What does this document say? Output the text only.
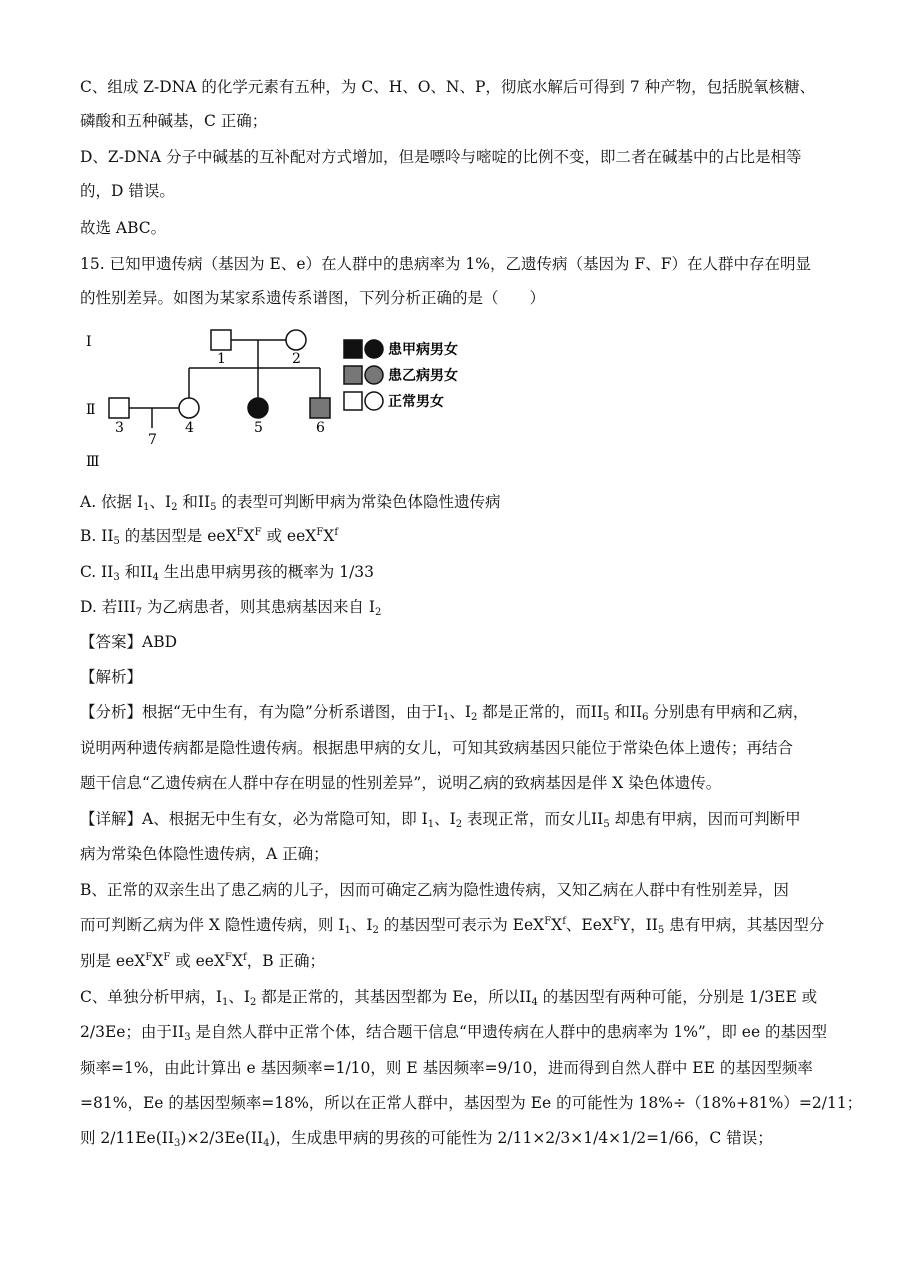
C、组成 Z-DNA 的化学元素有五种，为 C、H、O、N、P，彻底水解后可得到 7 种产物，包括脱氧核糖、
磷酸和五种碱基，C 正确；
D、Z-DNA 分子中碱基的互补配对方式增加，但是嘌呤与嘧啶的比例不变，即二者在碱基中的占比是相等
的，D 错误。
故选 ABC。
15. 已知甲遗传病（基因为 E、e）在人群中的患病率为 1%，乙遗传病（基因为 F、F）在人群中存在明显
的性别差异。如图为某家系遗传系谱图，下列分析正确的是（　　）
Ⅰ
Ⅱ
Ⅲ
1	2
3	4	5	6
7
患甲病男女
患乙病男女
正常男女
A. 依据 $I_1$、$I_2$ 和$II_5$ 的表型可判断甲病为常染色体隐性遗传病
B. $II_5$ 的基因型是 $eeX^FX^F$ 或 $eeX^FX^f$
C. $II_3$ 和$II_4$ 生出患甲病男孩的概率为 1/33
D. 若$III_7$ 为乙病患者，则其患病基因来自 $I_2$
【答案】ABD
【解析】
【分析】根据“无中生有，有为隐”分析系谱图，由于$I_1$、$I_2$ 都是正常的，而$II_5$ 和$II_6$ 分别患有甲病和乙病，
说明两种遗传病都是隐性遗传病。根据患甲病的女儿，可知其致病基因只能位于常染色体上遗传；再结合
题干信息“乙遗传病在人群中存在明显的性别差异”，说明乙病的致病基因是伴 X 染色体遗传。
【详解】A、根据无中生有女，必为常隐可知，即 $I_1$、$I_2$ 表现正常，而女儿$II_5$ 却患有甲病，因而可判断甲
病为常染色体隐性遗传病，A 正确；
B、正常的双亲生出了患乙病的儿子，因而可确定乙病为隐性遗传病，又知乙病在人群中有性别差异，因
而可判断乙病为伴 X 隐性遗传病，则 $I_1$、$I_2$ 的基因型可表示为 $EeX^FX^f$、EeX$^F$Y，$II_5$ 患有甲病，其基因型分
别是 $eeX^FX^F$ 或 $eeX^FX^f$，B 正确；
C、单独分析甲病，$I_1$、$I_2$ 都是正常的，其基因型都为 Ee，所以$II_4$ 的基因型有两种可能，分别是 1/3EE 或
2/3Ee；由于$II_3$ 是自然人群中正常个体，结合题干信息“甲遗传病在人群中的患病率为 1%”，即 ee 的基因型
频率=1%，由此计算出 e 基因频率=1/10，则 E 基因频率=9/10，进而得到自然人群中 EE 的基因型频率
=81%，Ee 的基因型频率=18%，所以在正常人群中，基因型为 Ee 的可能性为 18%÷（18%+81%）=2/11；
则 $2/11Ee(II_3)\times 2/3Ee(II_4)$，生成患甲病的男孩的可能性为 2/11×2/3×1/4×1/2=1/66，C 错误；
